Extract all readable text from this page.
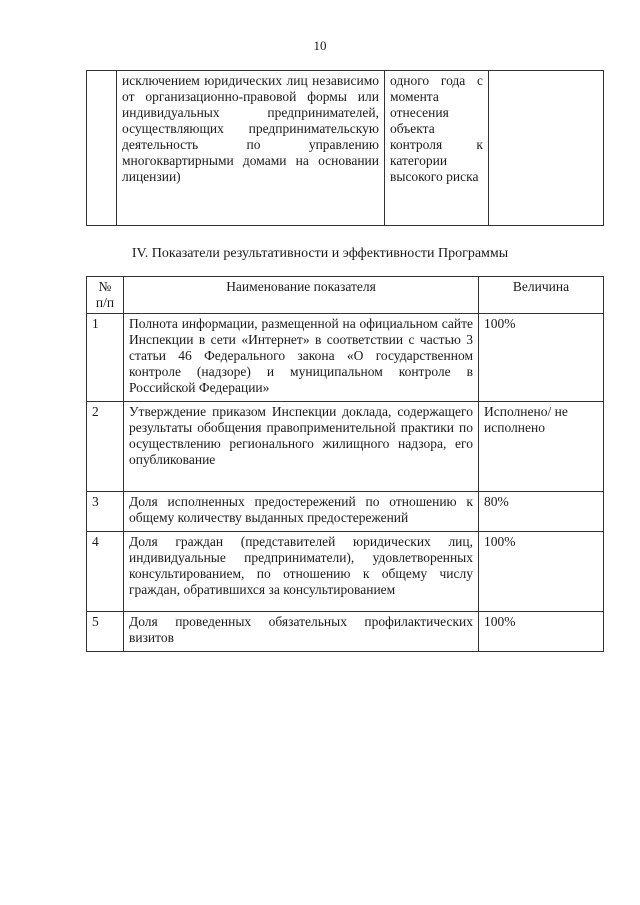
10
	исключением юридических лиц независимо от организационно-правовой формы или индивидуальных предпринимателей, осуществляющих предпринимательскую деятельность по управлению многоквартирными домами на основании лицензии)	одного года с момента отнесения объекта контроля к категории высокого риска	
IV. Показатели результативности и эффективности Программы
№ п/п	Наименование показателя	Величина
1	Полнота информации, размещенной на официальном сайте Инспекции в сети «Интернет» в соответствии с частью 3 статьи 46 Федерального закона «О государственном контроле (надзоре) и муниципальном контроле в Российской Федерации»	100%
2	Утверждение приказом Инспекции доклада, содержащего результаты обобщения правоприменительной практики по осуществлению регионального жилищного надзора, его опубликование	Исполнено/ не исполнено
3	Доля исполненных предостережений по отношению к общему количеству выданных предостережений	80%
4	Доля граждан (представителей юридических лиц, индивидуальные предприниматели), удовлетворенных консультированием, по отношению к общему числу граждан, обратившихся за консультированием	100%
5	Доля проведенных обязательных профилактических визитов	100%
